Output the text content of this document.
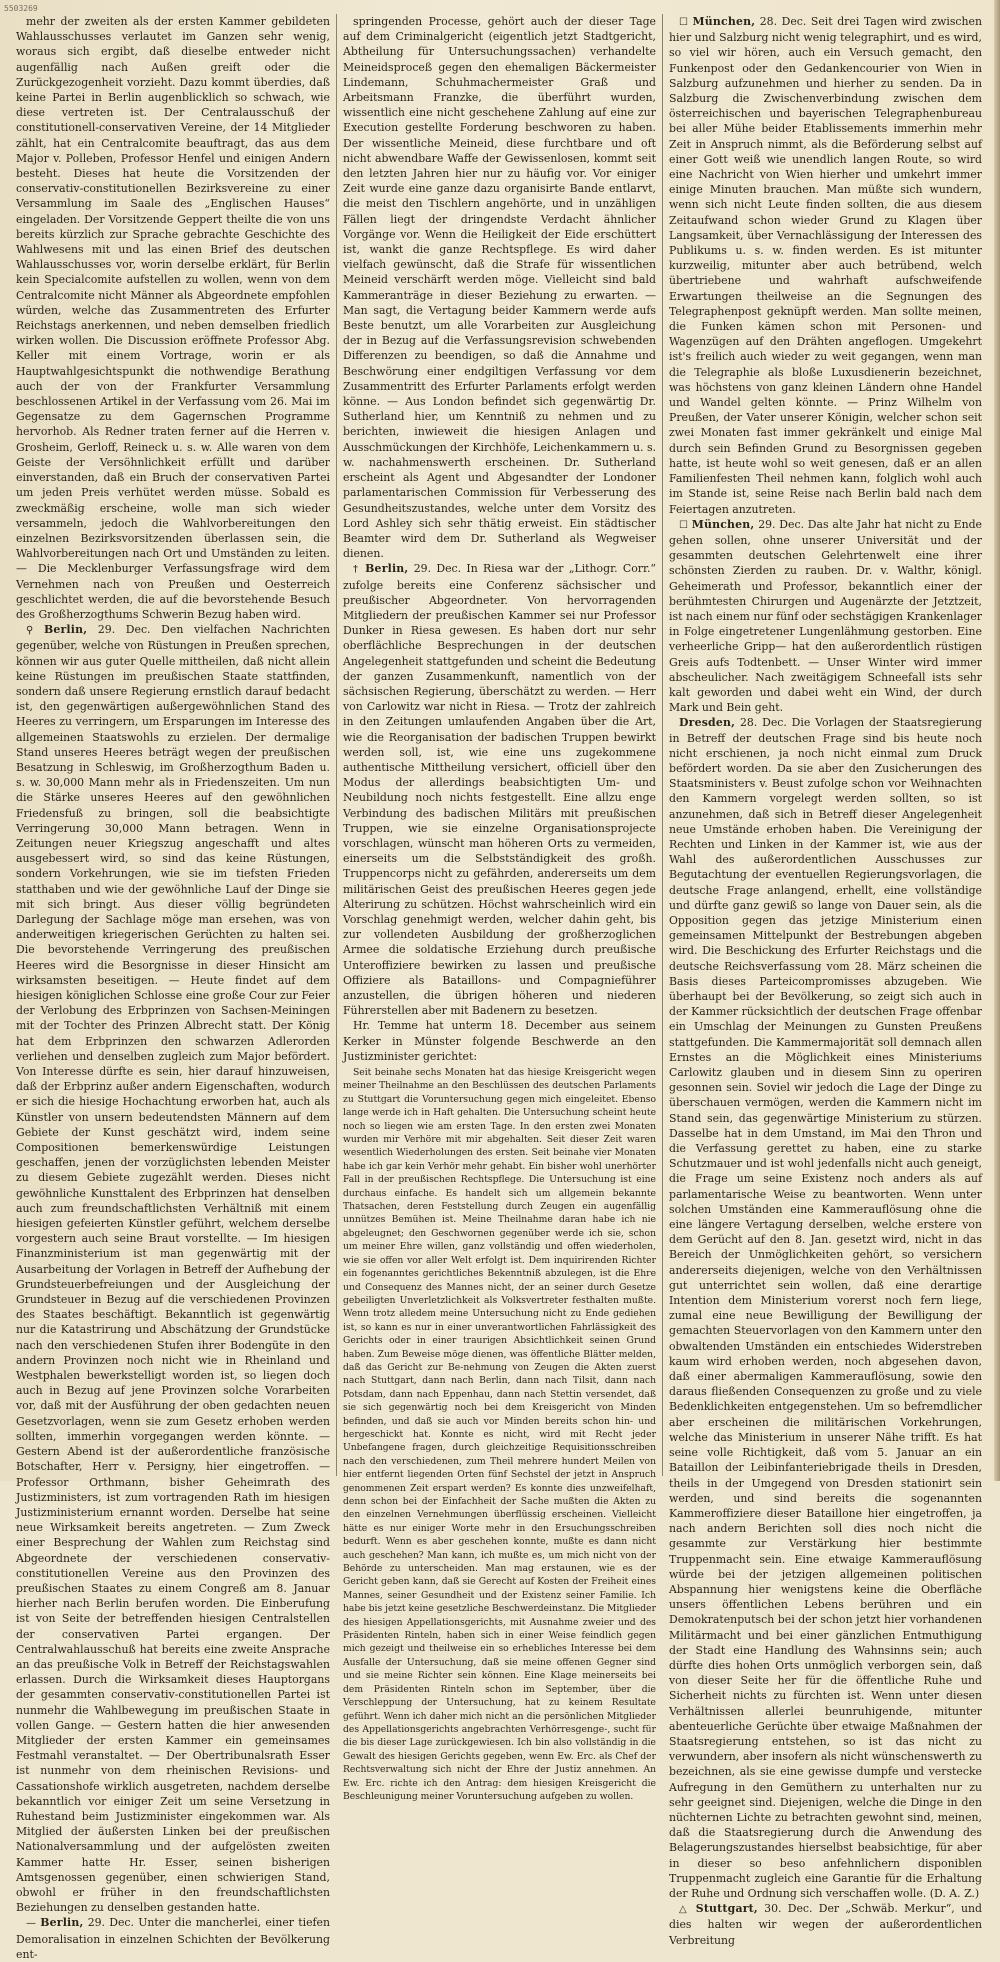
5503269

mehr der zweiten als der ersten Kammer gebildeten Wahlausschusses verlautet im Ganzen sehr wenig, woraus sich ergibt, daß dieselbe entweder nicht augenfällig nach Außen greift oder die Zurückgezogenheit vorzieht. Dazu kommt überdies, daß keine Partei in Berlin augenblicklich so schwach, wie diese vertreten ist. Der Centralausschuß der constitutionell-conservativen Vereine, der 14 Mitglieder zählt, hat ein Centralcomite beauftragt, das aus dem Major v. Polleben, Professor Henfel und einigen Andern besteht. Dieses hat heute die Vorsitzenden der conservativ-constitutionellen Bezirksvereine zu einer Versammlung im Saale des „Englischen Hauses“ eingeladen. Der Vorsitzende Geppert theilte die von uns bereits kürzlich zur Sprache gebrachte Geschichte des Wahlwesens mit und las einen Brief des deutschen Wahlausschusses vor, worin derselbe erklärt, für Berlin kein Specialcomite aufstellen zu wollen, wenn von dem Centralcomite nicht Männer als Abgeordnete empfohlen würden, welche das Zusammentreten des Erfurter Reichstags anerkennen, und neben demselben friedlich wirken wollen. Die Discussion eröffnete Professor Abg. Keller mit einem Vortrage, worin er als Hauptwahlgesichtspunkt die nothwendige Berathung auch der von der Frankfurter Versammlung beschlossenen Artikel in der Verfassung vom 26. Mai im Gegensatze zu dem Gagernschen Programme hervorhob. Als Redner traten ferner auf die Herren v. Grosheim, Gerloff, Reineck u. s. w. Alle waren von dem Geiste der Versöhnlichkeit erfüllt und darüber einverstanden, daß ein Bruch der conservativen Partei um jeden Preis verhütet werden müsse. Sobald es zweckmäßig erscheine, wolle man sich wieder versammeln, jedoch die Wahlvorbereitungen den einzelnen Bezirksvorsitzenden überlassen sein, die Wahlvorbereitungen nach Ort und Umständen zu leiten. — Die Mecklenburger Verfassungsfrage wird dem Vernehmen nach von Preußen und Oesterreich geschlichtet werden, die auf die bevorstehende Besuch des Großherzogthums Schwerin Bezug haben wird.

⚲ Berlin, 29. Dec. Den vielfachen Nachrichten gegenüber, welche von Rüstungen in Preußen sprechen, können wir aus guter Quelle mittheilen, daß nicht allein keine Rüstungen im preußischen Staate stattfinden, sondern daß unsere Regierung ernstlich darauf bedacht ist, den gegenwärtigen außergewöhnlichen Stand des Heeres zu verringern, um Ersparungen im Interesse des allgemeinen Staatswohls zu erzielen. Der dermalige Stand unseres Heeres beträgt wegen der preußischen Besatzung in Schleswig, im Großherzogthum Baden u. s. w. 30,000 Mann mehr als in Friedenszeiten. Um nun die Stärke unseres Heeres auf den gewöhnlichen Friedensfuß zu bringen, soll die beabsichtigte Verringerung 30,000 Mann betragen. Wenn in Zeitungen neuer Kriegszug angeschafft und altes ausgebessert wird, so sind das keine Rüstungen, sondern Vorkehrungen, wie sie im tiefsten Frieden statthaben und wie der gewöhnliche Lauf der Dinge sie mit sich bringt. Aus dieser völlig begründeten Darlegung der Sachlage möge man ersehen, was von anderweitigen kriegerischen Gerüchten zu halten sei. Die bevorstehende Verringerung des preußischen Heeres wird die Besorgnisse in dieser Hinsicht am wirksamsten beseitigen. — Heute findet auf dem hiesigen königlichen Schlosse eine große Cour zur Feier der Verlobung des Erbprinzen von Sachsen-Meiningen mit der Tochter des Prinzen Albrecht statt. Der König hat dem Erbprinzen den schwarzen Adlerorden verliehen und denselben zugleich zum Major befördert. Von Interesse dürfte es sein, hier darauf hinzuweisen, daß der Erbprinz außer andern Eigenschaften, wodurch er sich die hiesige Hochachtung erworben hat, auch als Künstler von unsern bedeutendsten Männern auf dem Gebiete der Kunst geschätzt wird, indem seine Compositionen bemerkenswürdige Leistungen geschaffen, jenen der vorzüglichsten lebenden Meister zu diesem Gebiete zugezählt werden. Dieses nicht gewöhnliche Kunsttalent des Erbprinzen hat denselben auch zum freundschaftlichsten Verhältniß mit einem hiesigen gefeierten Künstler geführt, welchem derselbe vorgestern auch seine Braut vorstellte. — Im hiesigen Finanzministerium ist man gegenwärtig mit der Ausarbeitung der Vorlagen in Betreff der Aufhebung der Grundsteuerbefreiungen und der Ausgleichung der Grundsteuer in Bezug auf die verschiedenen Provinzen des Staates beschäftigt. Bekanntlich ist gegenwärtig nur die Katastrirung und Abschätzung der Grundstücke nach den verschiedenen Stufen ihrer Bodengüte in den andern Provinzen noch nicht wie in Rheinland und Westphalen bewerkstelligt worden ist, so liegen doch auch in Bezug auf jene Provinzen solche Vorarbeiten vor, daß mit der Ausführung der oben gedachten neuen Gesetzvorlagen, wenn sie zum Gesetz erhoben werden sollten, immerhin vorgegangen werden könnte. — Gestern Abend ist der außerordentliche französische Botschafter, Herr v. Persigny, hier eingetroffen. — Professor Orthmann, bisher Geheimrath des Justizministers, ist zum vortragenden Rath im hiesigen Justizministerium ernannt worden. Derselbe hat seine neue Wirksamkeit bereits angetreten. — Zum Zweck einer Besprechung der Wahlen zum Reichstag sind Abgeordnete der verschiedenen conservativ-constitutionellen Vereine aus den Provinzen des preußischen Staates zu einem Congreß am 8. Januar hierher nach Berlin berufen worden. Die Einberufung ist von Seite der betreffenden hiesigen Centralstellen der conservativen Partei ergangen. Der Centralwahlausschuß hat bereits eine zweite Ansprache an das preußische Volk in Betreff der Reichstagswahlen erlassen. Durch die Wirksamkeit dieses Hauptorgans der gesammten conservativ-constitutionellen Partei ist nunmehr die Wahlbewegung im preußischen Staate in vollen Gange. — Gestern hatten die hier anwesenden Mitglieder der ersten Kammer ein gemeinsames Festmahl veranstaltet. — Der Obertribunalsrath Esser ist nunmehr von dem rheinischen Revisions- und Cassationshofe wirklich ausgetreten, nachdem derselbe bekanntlich vor einiger Zeit um seine Versetzung in Ruhestand beim Justizminister eingekommen war. Als Mitglied der äußersten Linken bei der preußischen Nationalversammlung und der aufgelösten zweiten Kammer hatte Hr. Esser, seinen bisherigen Amtsgenossen gegenüber, einen schwierigen Stand, obwohl er früher in den freundschaftlichsten Beziehungen zu denselben gestanden hatte.

— Berlin, 29. Dec. Unter die mancherlei, einer tiefen Demoralisation in einzelnen Schichten der Bevölkerung ent-

springenden Processe, gehört auch der dieser Tage auf dem Criminalgericht (eigentlich jetzt Stadtgericht, Abtheilung für Untersuchungssachen) verhandelte Meineidsproceß gegen den ehemaligen Bäckermeister Lindemann, Schuhmachermeister Graß und Arbeitsmann Franzke, die überführt wurden, wissentlich eine nicht geschehene Zahlung auf eine zur Execution gestellte Forderung beschworen zu haben. Der wissentliche Meineid, diese furchtbare und oft nicht abwendbare Waffe der Gewissenlosen, kommt seit den letzten Jahren hier nur zu häufig vor. Vor einiger Zeit wurde eine ganze dazu organisirte Bande entlarvt, die meist den Tischlern angehörte, und in unzähligen Fällen liegt der dringendste Verdacht ähnlicher Vorgänge vor. Wenn die Heiligkeit der Eide erschüttert ist, wankt die ganze Rechtspflege. Es wird daher vielfach gewünscht, daß die Strafe für wissentlichen Meineid verschärft werden möge. Vielleicht sind bald Kammeranträge in dieser Beziehung zu erwarten. — Man sagt, die Vertagung beider Kammern werde aufs Beste benutzt, um alle Vorarbeiten zur Ausgleichung der in Bezug auf die Verfassungsrevision schwebenden Differenzen zu beendigen, so daß die Annahme und Beschwörung einer endgiltigen Verfassung vor dem Zusammentritt des Erfurter Parlaments erfolgt werden könne. — Aus London befindet sich gegenwärtig Dr. Sutherland hier, um Kenntniß zu nehmen und zu berichten, inwieweit die hiesigen Anlagen und Ausschmückungen der Kirchhöfe, Leichenkammern u. s. w. nachahmenswerth erscheinen. Dr. Sutherland erscheint als Agent und Abgesandter der Londoner parlamentarischen Commission für Verbesserung des Gesundheitszustandes, welche unter dem Vorsitz des Lord Ashley sich sehr thätig erweist. Ein städtischer Beamter wird dem Dr. Sutherland als Wegweiser dienen.

† Berlin, 29. Dec. In Riesa war der „Lithogr. Corr.“ zufolge bereits eine Conferenz sächsischer und preußischer Abgeordneter. Von hervorragenden Mitgliedern der preußischen Kammer sei nur Professor Dunker in Riesa gewesen. Es haben dort nur sehr oberflächliche Besprechungen in der deutschen Angelegenheit stattgefunden und scheint die Bedeutung der ganzen Zusammenkunft, namentlich von der sächsischen Regierung, überschätzt zu werden. — Herr von Carlowitz war nicht in Riesa. — Trotz der zahlreich in den Zeitungen umlaufenden Angaben über die Art, wie die Reorganisation der badischen Truppen bewirkt werden soll, ist, wie eine uns zugekommene authentische Mittheilung versichert, officiell über den Modus der allerdings beabsichtigten Um- und Neubildung noch nichts festgestellt. Eine allzu enge Verbindung des badischen Militärs mit preußischen Truppen, wie sie einzelne Organisationsprojecte vorschlagen, wünscht man höheren Orts zu vermeiden, einerseits um die Selbstständigkeit des großh. Truppencorps nicht zu gefährden, andererseits um dem militärischen Geist des preußischen Heeres gegen jede Alterirung zu schützen. Höchst wahrscheinlich wird ein Vorschlag genehmigt werden, welcher dahin geht, bis zur vollendeten Ausbildung der großherzoglichen Armee die soldatische Erziehung durch preußische Unteroffiziere bewirken zu lassen und preußische Offiziere als Bataillons- und Compagnieführer anzustellen, die übrigen höheren und niederen Führerstellen aber mit Badenern zu besetzen.

Hr. Temme hat unterm 18. December aus seinem Kerker in Münster folgende Beschwerde an den Justizminister gerichtet:

Seit beinahe sechs Monaten hat das hiesige Kreisgericht wegen meiner Theilnahme an den Beschlüssen des deutschen Parlaments zu Stuttgart die Voruntersuchung gegen mich eingeleitet. Ebenso lange werde ich in Haft gehalten. Die Untersuchung scheint heute noch so liegen wie am ersten Tage. In den ersten zwei Monaten wurden mir Verhöre mit mir abgehalten. Seit dieser Zeit waren wesentlich Wiederholungen des ersten. Seit beinahe vier Monaten habe ich gar kein Verhör mehr gehabt. Ein bisher wohl unerhörter Fall in der preußischen Rechtspflege. Die Untersuchung ist eine durchaus einfache. Es handelt sich um allgemein bekannte Thatsachen, deren Feststellung durch Zeugen ein augenfällig unnützes Bemühen ist. Meine Theilnahme daran habe ich nie abgeleugnet; den Geschwornen gegenüber werde ich sie, schon um meiner Ehre willen, ganz vollständig und offen wiederholen, wie sie offen vor aller Welt erfolgt ist. Dem inquirirenden Richter ein fogenanntes gerichtliches Bekenntniß abzulegen, ist die Ehre und Consequenz des Mannes nicht, der an seiner durch Gesetze gebeiligten Unverletzlichkeit als Volksvertreter festhalten mußte. Wenn trotz alledem meine Untersuchung nicht zu Ende gediehen ist, so kann es nur in einer unverantwortlichen Fahrlässigkeit des Gerichts oder in einer traurigen Absichtlichkeit seinen Grund haben. Zum Beweise möge dienen, was öffentliche Blätter melden, daß das Gericht zur Be-nehmung von Zeugen die Akten zuerst nach Stuttgart, dann nach Berlin, dann nach Tilsit, dann nach Potsdam, dann nach Eppenhau, dann nach Stettin versendet, daß sie sich gegenwärtig noch bei dem Kreisgericht von Minden befinden, und daß sie auch vor Minden bereits schon hin- und hergeschickt hat. Konnte es nicht, wird mit Recht jeder Unbefangene fragen, durch gleichzeitige Requisitionsschreiben nach den verschiedenen, zum Theil mehrere hundert Meilen von hier entfernt liegenden Orten fünf Sechstel der jetzt in Anspruch genommenen Zeit erspart werden? Es konnte dies unzweifelhaft, denn schon bei der Einfachheit der Sache mußten die Akten zu den einzelnen Vernehmungen überflüssig erscheinen. Vielleicht hätte es nur einiger Worte mehr in den Ersuchungsschreiben bedurft. Wenn es aber geschehen konnte, mußte es dann nicht auch geschehen? Man kann, ich mußte es, um mich nicht von der Behörde zu unterscheiden. Man mag erstaunen, wie es der Gericht geben kann, daß sie Gerecht auf Kosten der Freiheit eines Mannes, seiner Gesundheit und der Existenz seiner Familie. Ich habe bis jetzt keine gesetzliche Beschwerdeinstanz. Die Mitglieder des hiesigen Appellationsgerichts, mit Ausnahme zweier und des Präsidenten Rinteln, haben sich in einer Weise feindlich gegen mich gezeigt und theilweise ein so erhebliches Interesse bei dem Ausfalle der Untersuchung, daß sie meine offenen Gegner sind und sie meine Richter sein können. Eine Klage meinerseits bei dem Präsidenten Rinteln schon im September, über die Verschleppung der Untersuchung, hat zu keinem Resultate geführt. Wenn ich daher mich nicht an die persönlichen Mitglieder des Appellationsgerichts angebrachten Verhörresgenge-, sucht für die bis dieser Lage zurückgewiesen. Ich bin also vollständig in die Gewalt des hiesigen Gerichts gegeben, wenn Ew. Erc. als Chef der Rechtsverwaltung sich nicht der Ehre der Justiz annehmen. An Ew. Erc. richte ich den Antrag: dem hiesigen Kreisgericht die Beschleunigung meiner Voruntersuchung aufgeben zu wollen.

☐ München, 28. Dec. Seit drei Tagen wird zwischen hier und Salzburg nicht wenig telegraphirt, und es wird, so viel wir hören, auch ein Versuch gemacht, den Funkenpost oder den Gedankencourier von Wien in Salzburg aufzunehmen und hierher zu senden. Da in Salzburg die Zwischenverbindung zwischen dem österreichischen und bayerischen Telegraphenbureau bei aller Mühe beider Etablissements immerhin mehr Zeit in Anspruch nimmt, als die Beförderung selbst auf einer Gott weiß wie unendlich langen Route, so wird eine Nachricht von Wien hierher und umkehrt immer einige Minuten brauchen. Man müßte sich wundern, wenn sich nicht Leute finden sollten, die aus diesem Zeitaufwand schon wieder Grund zu Klagen über Langsamkeit, über Vernachlässigung der Interessen des Publikums u. s. w. finden werden. Es ist mitunter kurzweilig, mitunter aber auch betrübend, welch übertriebene und wahrhaft aufschweifende Erwartungen theilweise an die Segnungen des Telegraphenpost geknüpft werden. Man sollte meinen, die Funken kämen schon mit Personen- und Wagenzügen auf den Drähten angeflogen. Umgekehrt ist's freilich auch wieder zu weit gegangen, wenn man die Telegraphie als bloße Luxusdienerin bezeichnet, was höchstens von ganz kleinen Ländern ohne Handel und Wandel gelten könnte. — Prinz Wilhelm von Preußen, der Vater unserer Königin, welcher schon seit zwei Monaten fast immer gekränkelt und einige Mal durch sein Befinden Grund zu Besorgnissen gegeben hatte, ist heute wohl so weit genesen, daß er an allen Familienfesten Theil nehmen kann, folglich wohl auch im Stande ist, seine Reise nach Berlin bald nach dem Feiertagen anzutreten.

☐ München, 29. Dec. Das alte Jahr hat nicht zu Ende gehen sollen, ohne unserer Universität und der gesammten deutschen Gelehrtenwelt eine ihrer schönsten Zierden zu rauben. Dr. v. Walthr, königl. Geheimerath und Professor, bekanntlich einer der berühmtesten Chirurgen und Augenärzte der Jetztzeit, ist nach einem nur fünf oder sechstägigen Krankenlager in Folge eingetretener Lungenlähmung gestorben. Eine verheerliche Gripp— hat den außerordentlich rüstigen Greis aufs Todtenbett. — Unser Winter wird immer abscheulicher. Nach zweitägigem Schneefall ists sehr kalt geworden und dabei weht ein Wind, der durch Mark und Bein geht.

Dresden, 28. Dec. Die Vorlagen der Staatsregierung in Betreff der deutschen Frage sind bis heute noch nicht erschienen, ja noch nicht einmal zum Druck befördert worden. Da sie aber den Zusicherungen des Staatsministers v. Beust zufolge schon vor Weihnachten den Kammern vorgelegt werden sollten, so ist anzunehmen, daß sich in Betreff dieser Angelegenheit neue Umstände erhoben haben. Die Vereinigung der Rechten und Linken in der Kammer ist, wie aus der Wahl des außerordentlichen Ausschusses zur Begutachtung der eventuellen Regierungsvorlagen, die deutsche Frage anlangend, erhellt, eine vollständige und dürfte ganz gewiß so lange von Dauer sein, als die Opposition gegen das jetzige Ministerium einen gemeinsamen Mittelpunkt der Bestrebungen abgeben wird. Die Beschickung des Erfurter Reichstags und die deutsche Reichsverfassung vom 28. März scheinen die Basis dieses Parteicompromisses abzugeben. Wie überhaupt bei der Bevölkerung, so zeigt sich auch in der Kammer rücksichtlich der deutschen Frage offenbar ein Umschlag der Meinungen zu Gunsten Preußens stattgefunden. Die Kammermajorität soll demnach allen Ernstes an die Möglichkeit eines Ministeriums Carlowitz glauben und in diesem Sinn zu operiren gesonnen sein. Soviel wir jedoch die Lage der Dinge zu überschauen vermögen, werden die Kammern nicht im Stand sein, das gegenwärtige Ministerium zu stürzen. Dasselbe hat in dem Umstand, im Mai den Thron und die Verfassung gerettet zu haben, eine zu starke Schutzmauer und ist wohl jedenfalls nicht auch geneigt, die Frage um seine Existenz noch anders als auf parlamentarische Weise zu beantworten. Wenn unter solchen Umständen eine Kammerauflösung ohne die eine längere Vertagung derselben, welche erstere von dem Gerücht auf den 8. Jan. gesetzt wird, nicht in das Bereich der Unmöglichkeiten gehört, so versichern andererseits diejenigen, welche von den Verhältnissen gut unterrichtet sein wollen, daß eine derartige Intention dem Ministerium vorerst noch fern liege, zumal eine neue Bewilligung der Bewilligung der gemachten Steuervorlagen von den Kammern unter den obwaltenden Umständen ein entschiedes Widerstreben kaum wird erhoben werden, noch abgesehen davon, daß einer abermaligen Kammerauflösung, sowie den daraus fließenden Consequenzen zu große und zu viele Bedenklichkeiten entgegenstehen. Um so befremdlicher aber erscheinen die militärischen Vorkehrungen, welche das Ministerium in unserer Nähe trifft. Es hat seine volle Richtigkeit, daß vom 5. Januar an ein Bataillon der Leibinfanteriebrigade theils in Dresden, theils in der Umgegend von Dresden stationirt sein werden, und sind bereits die sogenannten Kammeroffiziere dieser Bataillone hier eingetroffen, ja nach andern Berichten soll dies noch nicht die gesammte zur Verstärkung hier bestimmte Truppenmacht sein. Eine etwaige Kammerauflösung würde bei der jetzigen allgemeinen politischen Abspannung hier wenigstens keine die Oberfläche unsers öffentlichen Lebens berühren und ein Demokratenputsch bei der schon jetzt hier vorhandenen Militärmacht und bei einer gänzlichen Entmuthigung der Stadt eine Handlung des Wahnsinns sein; auch dürfte dies hohen Orts unmöglich verborgen sein, daß von dieser Seite her für die öffentliche Ruhe und Sicherheit nichts zu fürchten ist. Wenn unter diesen Verhältnissen allerlei beunruhigende, mitunter abenteuerliche Gerüchte über etwaige Maßnahmen der Staatsregierung entstehen, so ist das nicht zu verwundern, aber insofern als nicht wünschenswerth zu bezeichnen, als sie eine gewisse dumpfe und verstecke Aufregung in den Gemüthern zu unterhalten nur zu sehr geeignet sind. Diejenigen, welche die Dinge in den nüchternen Lichte zu betrachten gewohnt sind, meinen, daß die Staatsregierung durch die Anwendung des Belagerungszustandes hierselbst beabsichtige, für aber in dieser so beso anfehnlichern disponiblen Truppenmacht zugleich eine Garantie für die Erhaltung der Ruhe und Ordnung sich verschaffen wolle. (D. A. Z.)

△ Stuttgart, 30. Dec. Der „Schwäb. Merkur“, und dies halten wir wegen der außerordentlichen Verbreitung
